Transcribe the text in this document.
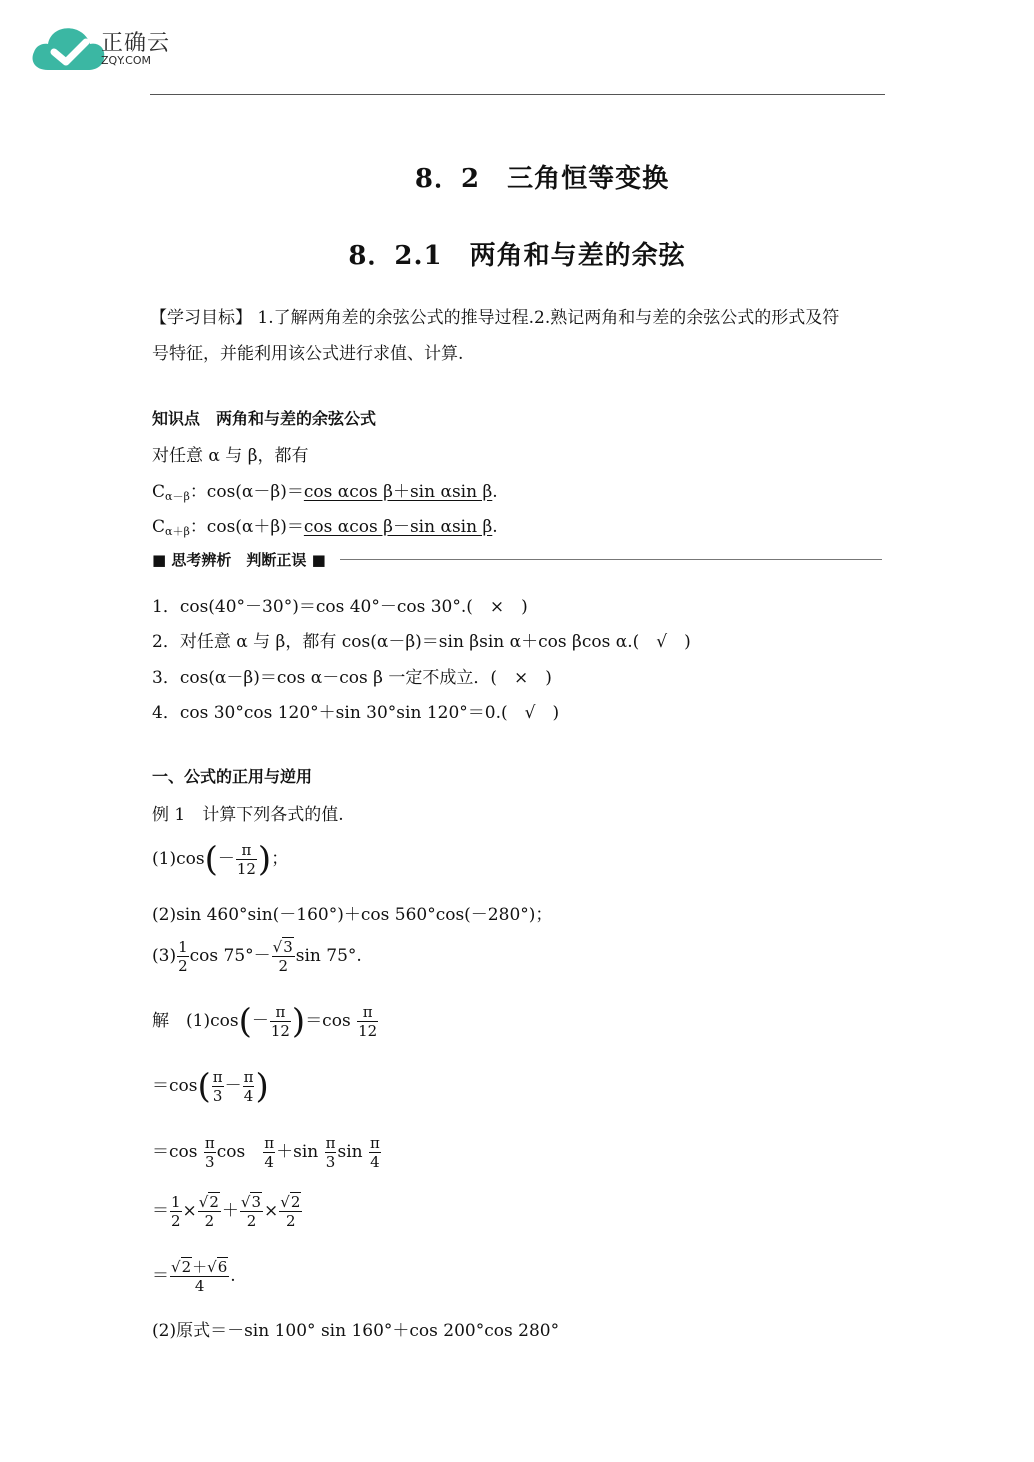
正确云
ZQY.COM
8．2　三角恒等变换
8．2.1　两角和与差的余弦
【学习目标】 1.了解两角差的余弦公式的推导过程.2.熟记两角和与差的余弦公式的形式及符
号特征，并能利用该公式进行求值、计算.
知识点　两角和与差的余弦公式
对任意 α 与 β，都有
$C_{\alpha-\beta}$：cos(α－β)＝cos αcos β＋sin αsin β.
$C_{\alpha+\beta}$：cos(α＋β)＝cos αcos β－sin αsin β.
■ 思考辨析　判断正误 ■
1．cos(40°－30°)＝cos 40°－cos 30°.(　×　)
2．对任意 α 与 β，都有 cos(α－β)＝sin βsin α＋cos βcos α.(　√　)
3．cos(α－β)＝cos α－cos β 一定不成立．(　×　)
4．cos 30°cos 120°＋sin 30°sin 120°＝0.(　√　)
一、公式的正用与逆用
例 1　计算下列各式的值.
$(1)\cos(- \frac{\pi}{12}$ )；
(2)sin 460°sin(－160°)＋cos 560°cos(－280°)；
$(3) \frac{1}{2}$ $\cos 75^\circ- \frac{√3}{2}$ sin 75°.
解　 $(1)\cos(- \frac{\pi}{12} )=\cos \frac{\pi}{12}$
$=\cos( \frac{\pi}{3} - \frac{\pi}{4}$ )
$=\cos \frac{\pi}{3}$ cos　 $\frac{\pi}{4} +\sin \frac{\pi}{3}$ $\sin \frac{\pi}{4}$
＝ $\frac{1}{2} \times \frac{√2}{2} + \frac{√3}{2} \times \frac{√2}{2}$
＝ $\frac{√2+√6}{4}$ .
(2)原式＝－sin 100° sin 160°＋cos 200°cos 280°
